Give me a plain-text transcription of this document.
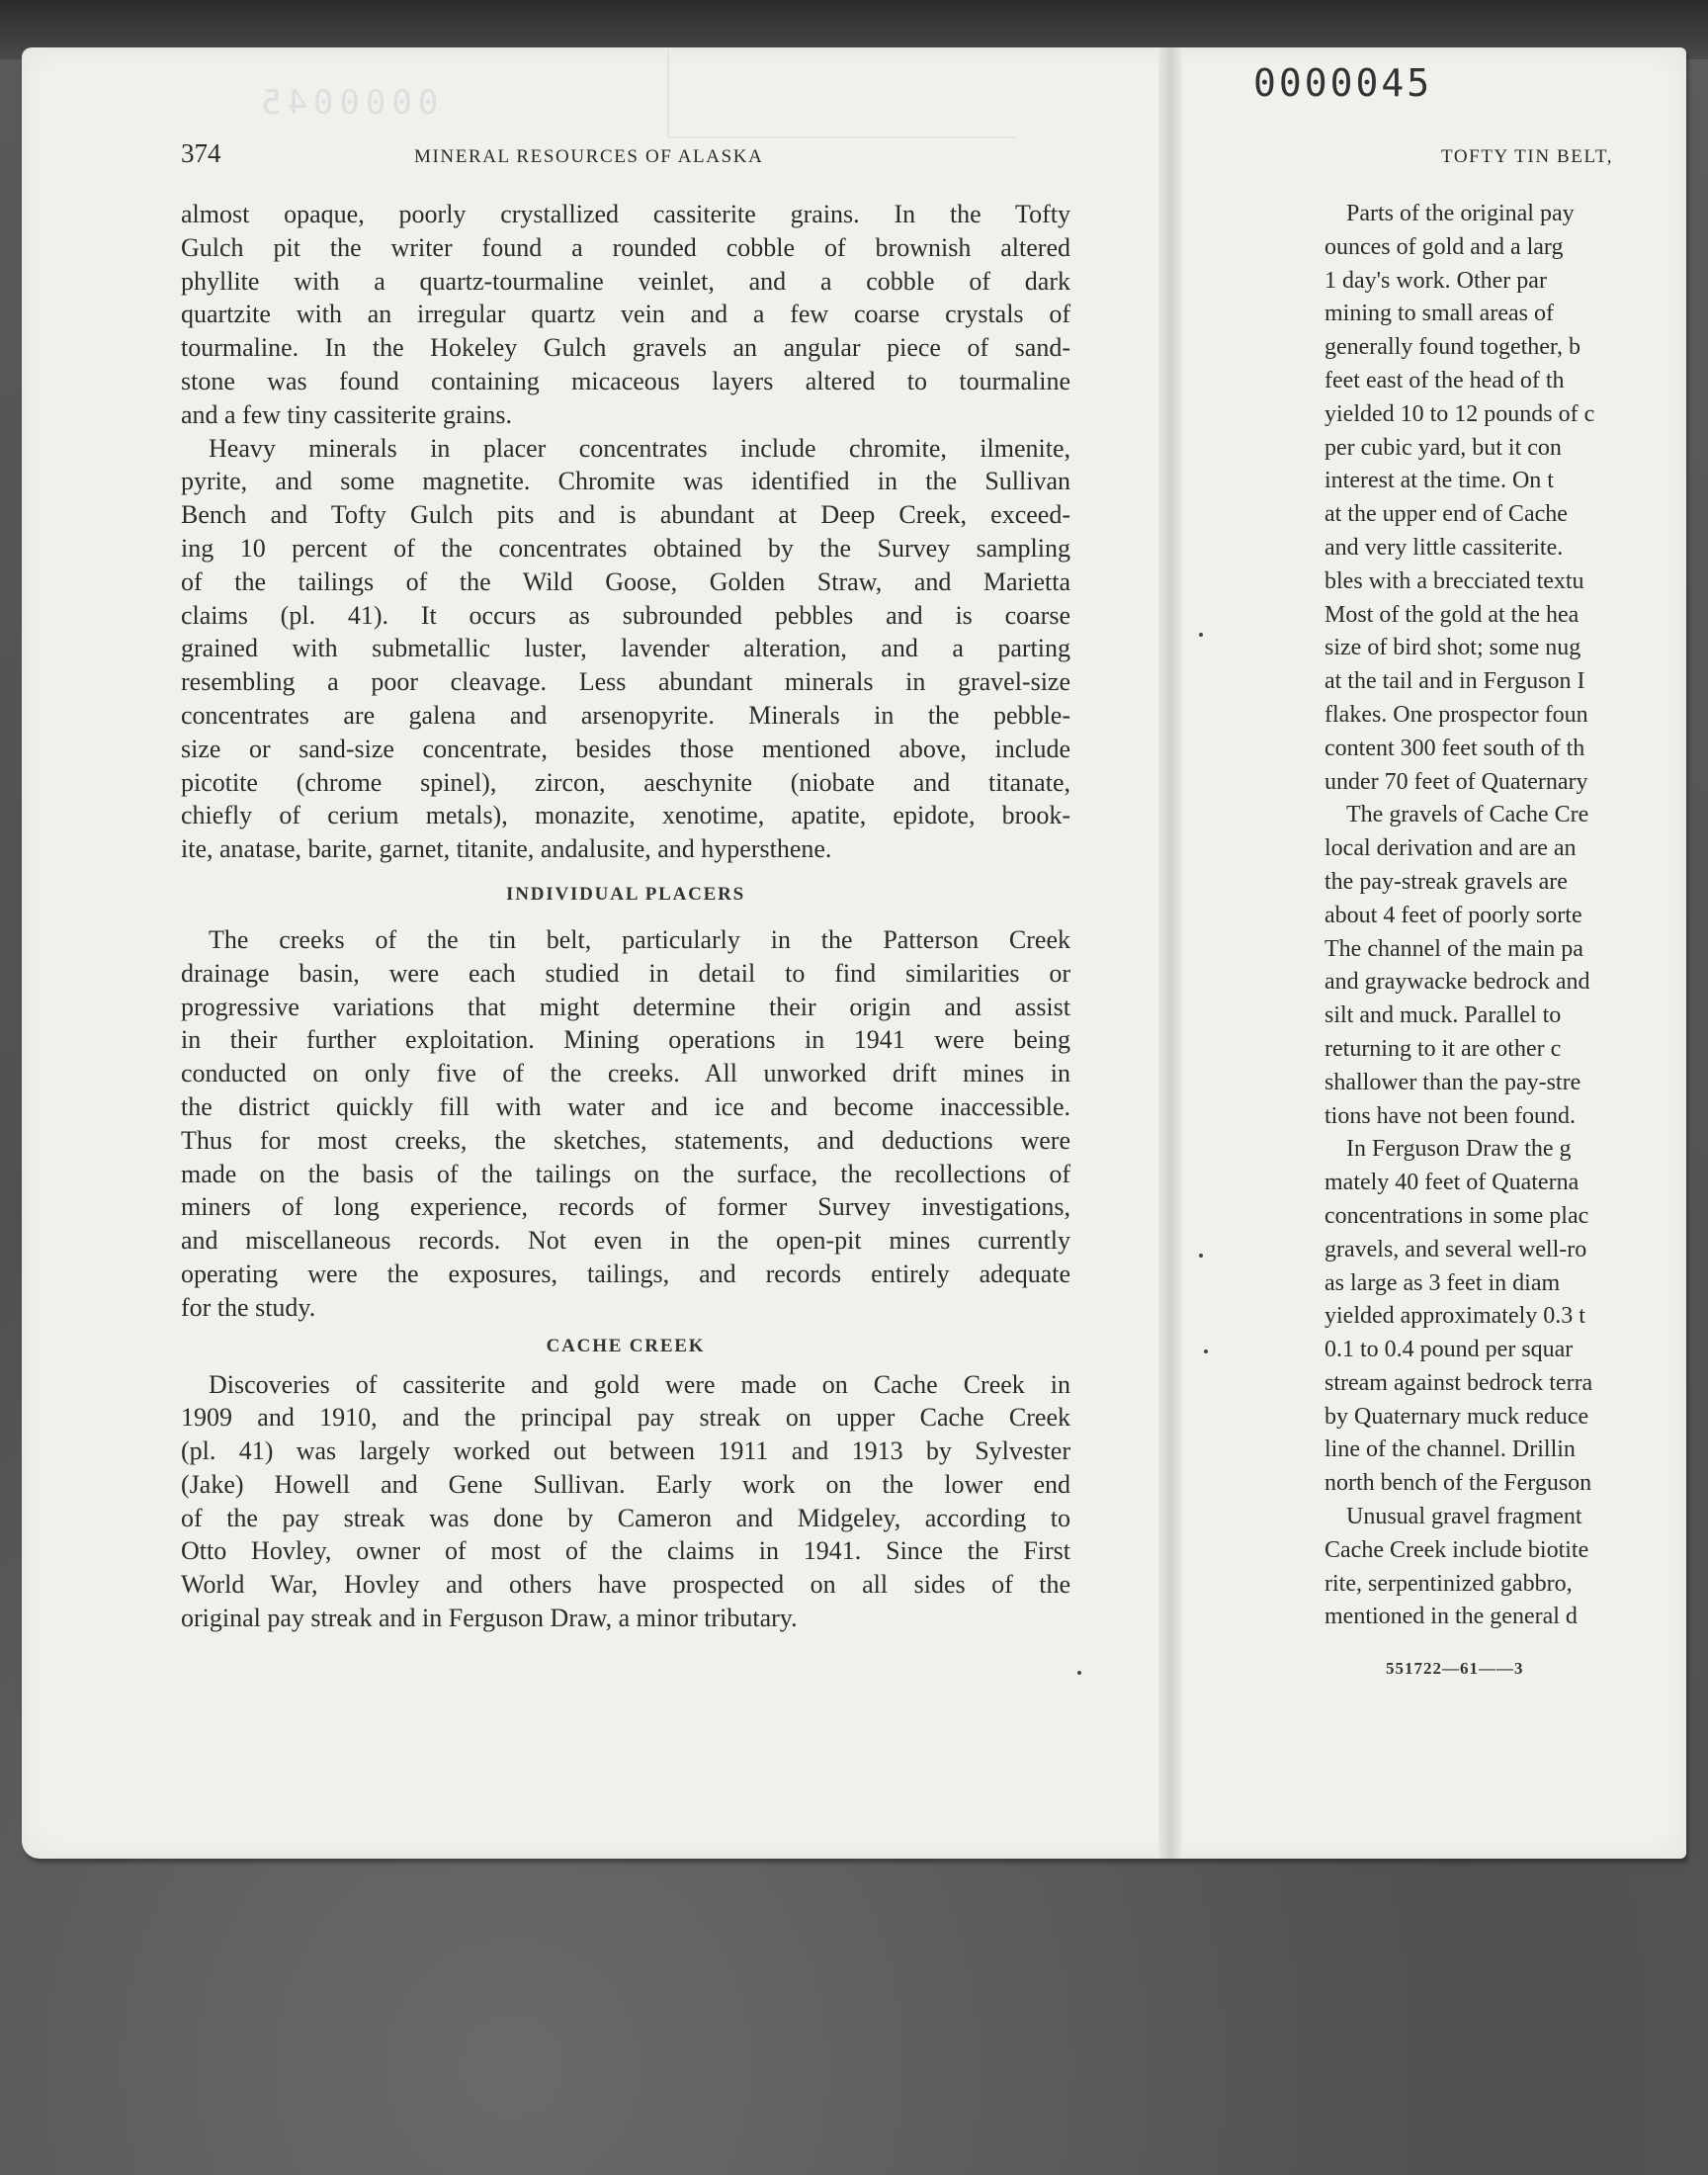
0000045	0000045
374	MINERAL RESOURCES OF ALASKA
almost opaque, poorly crystallized cassiterite grains. In the Tofty
Gulch pit the writer found a rounded cobble of brownish altered
phyllite with a quartz-tourmaline veinlet, and a cobble of dark
quartzite with an irregular quartz vein and a few coarse crystals of
tourmaline. In the Hokeley Gulch gravels an angular piece of sand-
stone was found containing micaceous layers altered to tourmaline
and a few tiny cassiterite grains.
Heavy minerals in placer concentrates include chromite, ilmenite,
pyrite, and some magnetite. Chromite was identified in the Sullivan
Bench and Tofty Gulch pits and is abundant at Deep Creek, exceed-
ing 10 percent of the concentrates obtained by the Survey sampling
of the tailings of the Wild Goose, Golden Straw, and Marietta
claims (pl. 41). It occurs as subrounded pebbles and is coarse
grained with submetallic luster, lavender alteration, and a parting
resembling a poor cleavage. Less abundant minerals in gravel-size
concentrates are galena and arsenopyrite. Minerals in the pebble-
size or sand-size concentrate, besides those mentioned above, include
picotite (chrome spinel), zircon, aeschynite (niobate and titanate,
chiefly of cerium metals), monazite, xenotime, apatite, epidote, brook-
ite, anatase, barite, garnet, titanite, andalusite, and hypersthene.
INDIVIDUAL PLACERS
The creeks of the tin belt, particularly in the Patterson Creek
drainage basin, were each studied in detail to find similarities or
progressive variations that might determine their origin and assist
in their further exploitation. Mining operations in 1941 were being
conducted on only five of the creeks. All unworked drift mines in
the district quickly fill with water and ice and become inaccessible.
Thus for most creeks, the sketches, statements, and deductions were
made on the basis of the tailings on the surface, the recollections of
miners of long experience, records of former Survey investigations,
and miscellaneous records. Not even in the open-pit mines currently
operating were the exposures, tailings, and records entirely adequate
for the study.
CACHE CREEK
Discoveries of cassiterite and gold were made on Cache Creek in
1909 and 1910, and the principal pay streak on upper Cache Creek
(pl. 41) was largely worked out between 1911 and 1913 by Sylvester
(Jake) Howell and Gene Sullivan. Early work on the lower end
of the pay streak was done by Cameron and Midgeley, according to
Otto Hovley, owner of most of the claims in 1941. Since the First
World War, Hovley and others have prospected on all sides of the
original pay streak and in Ferguson Draw, a minor tributary.
TOFTY TIN BELT,
Parts of the original pay
ounces of gold and a larg
1 day's work. Other par
mining to small areas of
generally found together, b
feet east of the head of th
yielded 10 to 12 pounds of c
per cubic yard, but it con
interest at the time. On t
at the upper end of Cache
and very little cassiterite.
bles with a brecciated textu
Most of the gold at the hea
size of bird shot; some nug
at the tail and in Ferguson I
flakes. One prospector foun
content 300 feet south of th
under 70 feet of Quaternary
The gravels of Cache Cre
local derivation and are an
the pay-streak gravels are
about 4 feet of poorly sorte
The channel of the main pa
and graywacke bedrock and
silt and muck. Parallel to
returning to it are other c
shallower than the pay-stre
tions have not been found.
In Ferguson Draw the g
mately 40 feet of Quaterna
concentrations in some plac
gravels, and several well-ro
as large as 3 feet in diam
yielded approximately 0.3 t
0.1 to 0.4 pound per squar
stream against bedrock terra
by Quaternary muck reduce
line of the channel. Drillin
north bench of the Ferguson
Unusual gravel fragment
Cache Creek include biotite
rite, serpentinized gabbro,
mentioned in the general d
551722—61——3
